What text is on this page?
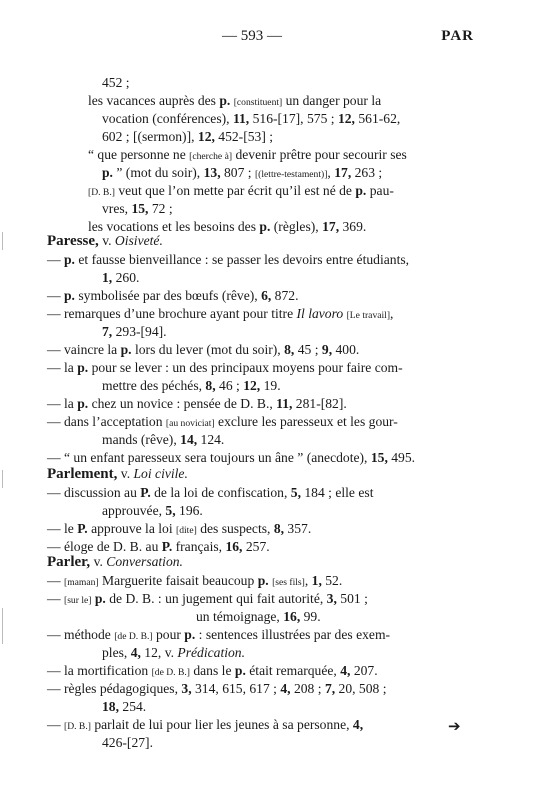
— 593 —	PAR
452 ;
les vacances auprès des p. [constituent] un danger pour la
vocation (conférences), 11, 516-[17], 575 ; 12, 561-62,
602 ; [(sermon)], 12, 452-[53] ;
“ que personne ne [cherche à] devenir prêtre pour secourir ses
p. ” (mot du soir), 13, 807 ; [(lettre-testament)], 17, 263 ;
[D. B.] veut que l’on mette par écrit qu’il est né de p. pau-
vres, 15, 72 ;
les vocations et les besoins des p. (règles), 17, 369.
Paresse, v. Oisiveté.
— p. et fausse bienveillance : se passer les devoirs entre étudiants,
1, 260.
— p. symbolisée par des bœufs (rêve), 6, 872.
— remarques d’une brochure ayant pour titre Il lavoro [Le travail],
7, 293-[94].
— vaincre la p. lors du lever (mot du soir), 8, 45 ; 9, 400.
— la p. pour se lever : un des principaux moyens pour faire com-
mettre des péchés, 8, 46 ; 12, 19.
— la p. chez un novice : pensée de D. B., 11, 281-[82].
— dans l’acceptation [au noviciat] exclure les paresseux et les gour-
mands (rêve), 14, 124.
— “ un enfant paresseux sera toujours un âne ” (anecdote), 15, 495.
Parlement, v. Loi civile.
— discussion au P. de la loi de confiscation, 5, 184 ; elle est
approuvée, 5, 196.
— le P. approuve la loi [dite] des suspects, 8, 357.
— éloge de D. B. au P. français, 16, 257.
Parler, v. Conversation.
— [maman] Marguerite faisait beaucoup p. [ses fils], 1, 52.
— [sur le] p. de D. B. : un jugement qui fait autorité, 3, 501 ;
un témoignage, 16, 99.
— méthode [de D. B.] pour p. : sentences illustrées par des exem-
ples, 4, 12, v. Prédication.
— la mortification [de D. B.] dans le p. était remarquée, 4, 207.
— règles pédagogiques, 3, 314, 615, 617 ; 4, 208 ; 7, 20, 508 ;
18, 254.
— [D. B.] parlait de lui pour lier les jeunes à sa personne, 4,
426-[27].
➔
